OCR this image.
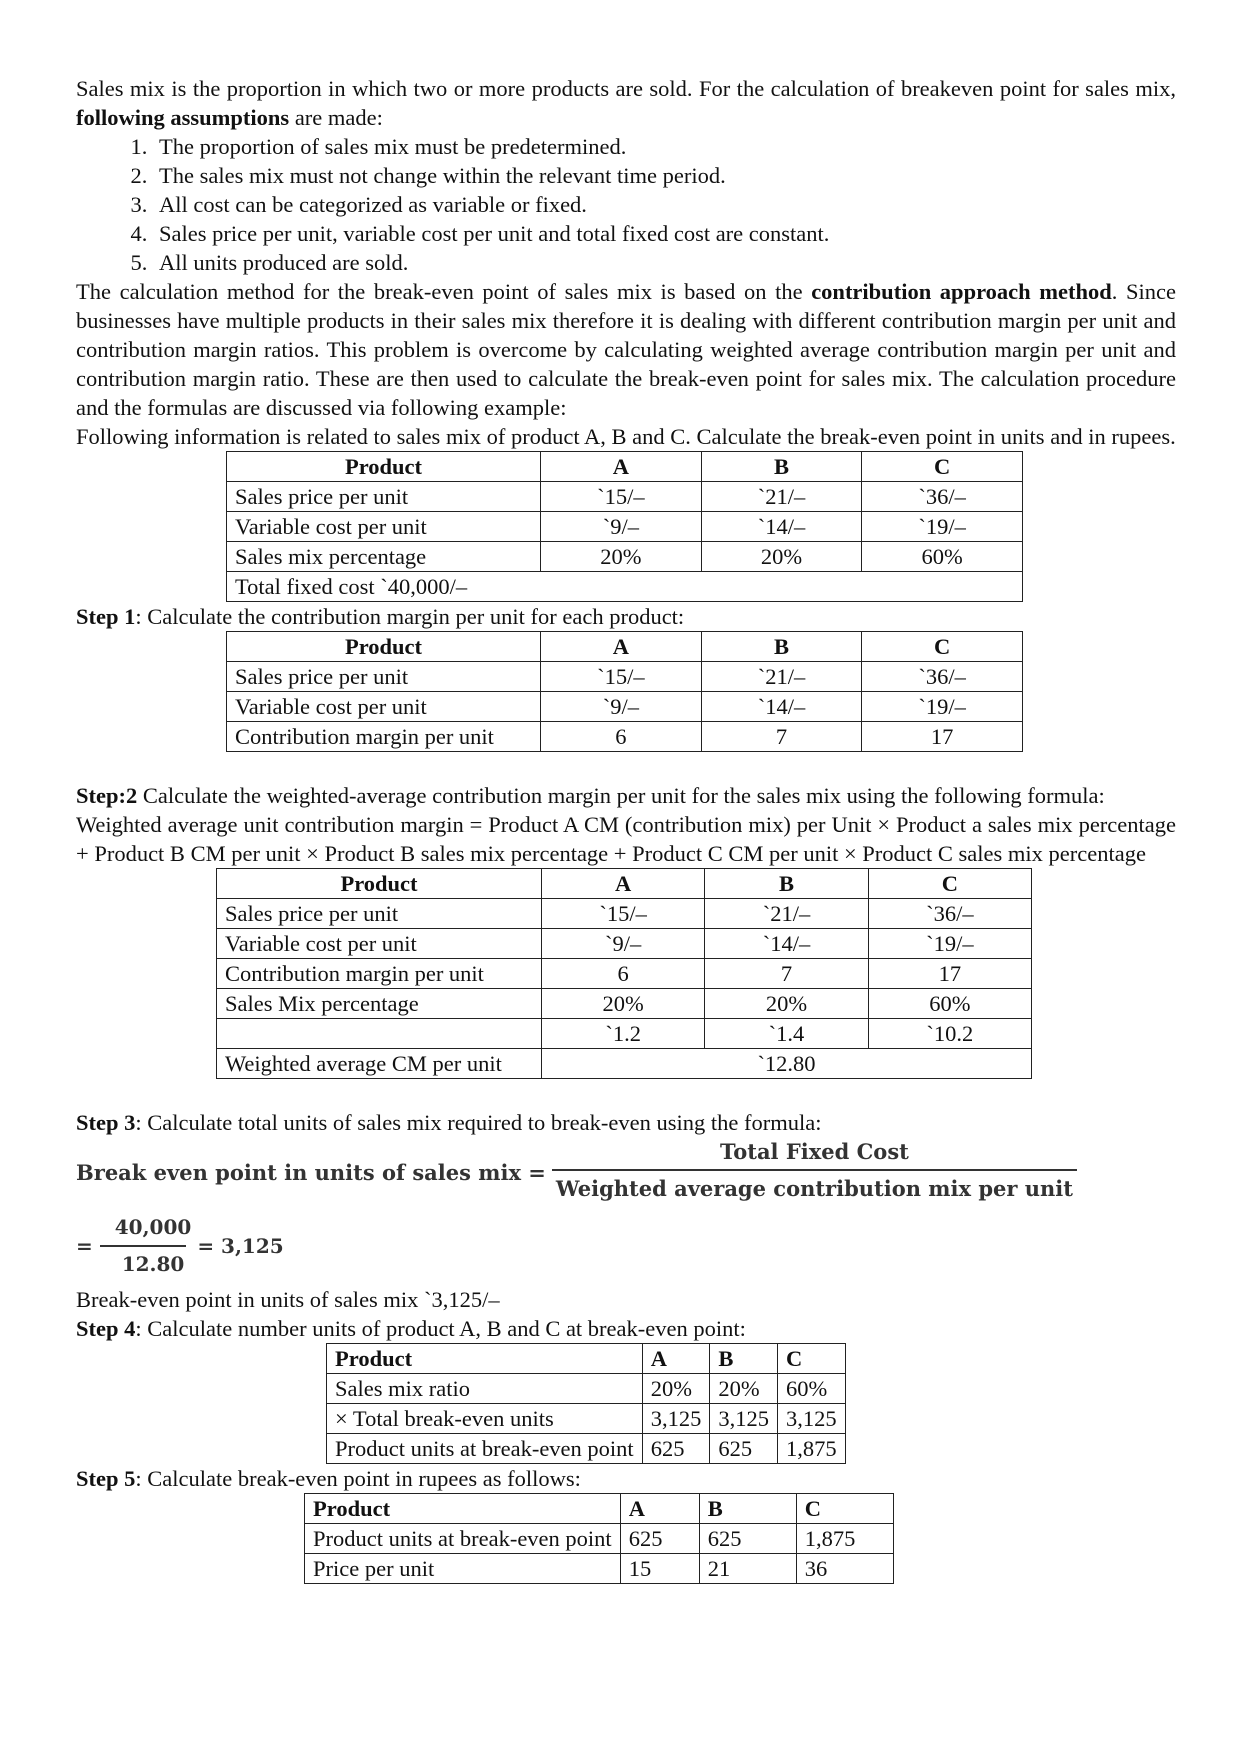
Sales mix is the proportion in which two or more products are sold. For the calculation of breakeven point for sales mix, following assumptions are made:

1. The proportion of sales mix must be predetermined.
2. The sales mix must not change within the relevant time period.
3. All cost can be categorized as variable or fixed.
4. Sales price per unit, variable cost per unit and total fixed cost are constant.
5. All units produced are sold.

The calculation method for the break-even point of sales mix is based on the contribution approach method. Since businesses have multiple products in their sales mix therefore it is dealing with different contribution margin per unit and contribution margin ratios. This problem is overcome by calculating weighted average contribution margin per unit and contribution margin ratio. These are then used to calculate the break-even point for sales mix. The calculation procedure and the formulas are discussed via following example:

Following information is related to sales mix of product A, B and C. Calculate the break-even point in units and in rupees.

Product	A	B	C
Sales price per unit	`15/–	`21/–	`36/–
Variable cost per unit	`9/–	`14/–	`19/–
Sales mix percentage	20%	20%	60%
Total fixed cost `40,000/–			

Step 1: Calculate the contribution margin per unit for each product:

Product	A	B	C
Sales price per unit	`15/–	`21/–	`36/–
Variable cost per unit	`9/–	`14/–	`19/–
Contribution margin per unit	6	7	17

Step:2 Calculate the weighted-average contribution margin per unit for the sales mix using the following formula:

Weighted average unit contribution margin = Product A CM (contribution mix) per Unit × Product a sales mix percentage + Product B CM per unit × Product B sales mix percentage + Product C CM per unit × Product C sales mix percentage

Product	A	B	C
Sales price per unit	`15/–	`21/–	`36/–
Variable cost per unit	`9/–	`14/–	`19/–
Contribution margin per unit	6	7	17
Sales Mix percentage	20%	20%	60%
	`1.2	`1.4	`10.2
Weighted average CM per unit	`12.80		

Step 3: Calculate total units of sales mix required to break-even using the formula:

Break even point in units of sales mix = $\frac{\text{Total Fixed Cost}}{\text{Weighted average contribution mix per unit}}$
= $\frac{40,000}{12.80} = 3,125$

Break-even point in units of sales mix `3,125/–

Step 4: Calculate number units of product A, B and C at break-even point:

Product	A	B	C
Sales mix ratio	20%	20%	60%
× Total break-even units	3,125	3,125	3,125
Product units at break-even point	625	625	1,875

Step 5: Calculate break-even point in rupees as follows:

Product	A	B	C
Product units at break-even point	625	625	1,875
Price per unit	15	21	36
